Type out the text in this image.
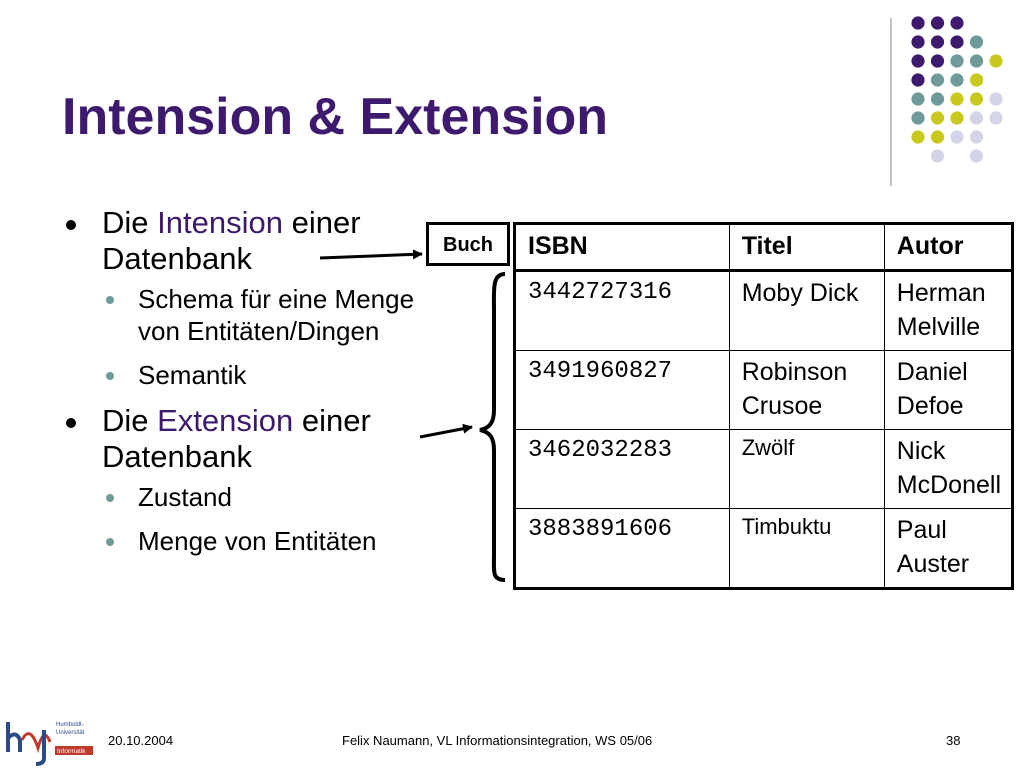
Intension & Extension
Die Intension einer Datenbank
Schema für eine Menge von Entitäten/Dingen
Semantik
Die Extension einer Datenbank
Zustand
Menge von Entitäten
Buch	ISBN	Titel	Autor
3442727316	Moby Dick	Herman Melville
3491960827	Robinson Crusoe	Daniel Defoe
3462032283	Zwölf	Nick McDonell
3883891606	Timbuktu	Paul Auster
Humboldt-
Universität
Informatik
20.10.2004	Felix Naumann, VL Informationsintegration, WS 05/06	38
